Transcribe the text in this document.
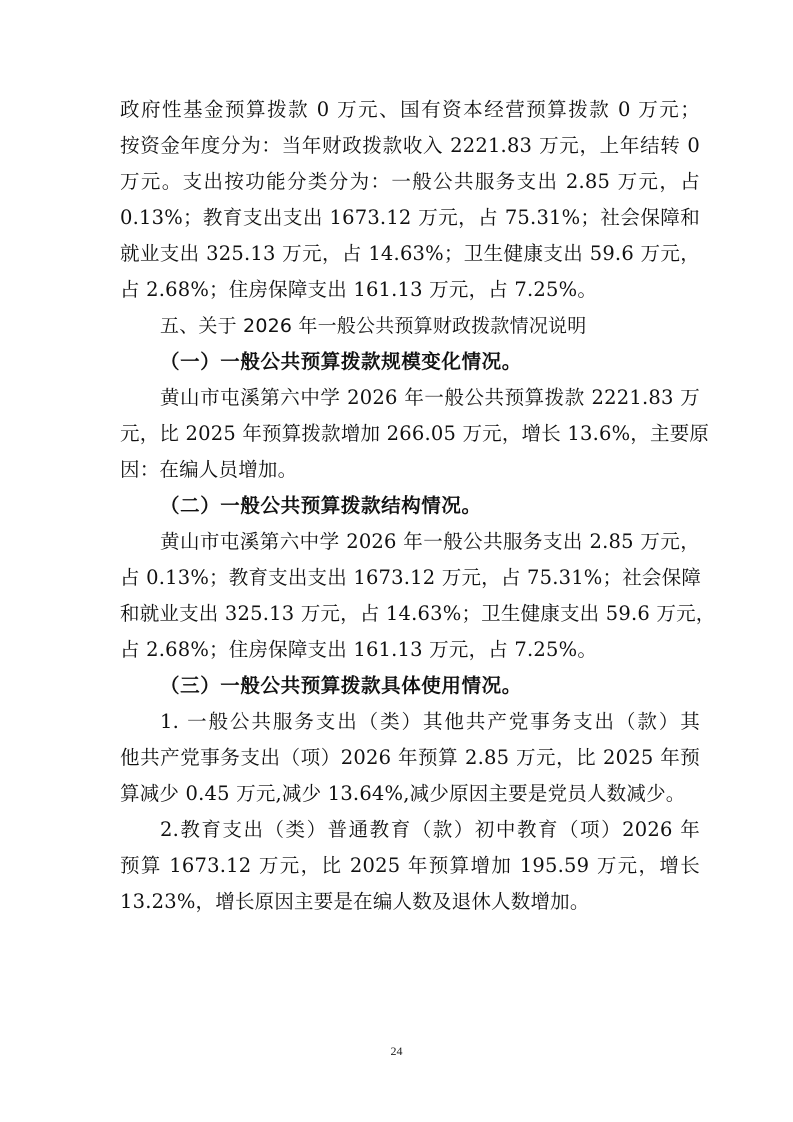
政府性基金预算拨款 0 万元、国有资本经营预算拨款 0 万元；
按资金年度分为：当年财政拨款收入 2221.83 万元，上年结转 0
万元。支出按功能分类分为：一般公共服务支出 2.85 万元，占
0.13%；教育支出支出 1673.12 万元，占 75.31%；社会保障和
就业支出 325.13 万元，占 14.63%；卫生健康支出 59.6 万元，
占 2.68%；住房保障支出 161.13 万元，占 7.25%。
五、关于 2026 年一般公共预算财政拨款情况说明
（一）一般公共预算拨款规模变化情况。
黄山市屯溪第六中学 2026 年一般公共预算拨款 2221.83 万
元，比 2025 年预算拨款增加 266.05 万元，增长 13.6%，主要原
因：在编人员增加。
（二）一般公共预算拨款结构情况。
黄山市屯溪第六中学 2026 年一般公共服务支出 2.85 万元，
占 0.13%；教育支出支出 1673.12 万元，占 75.31%；社会保障
和就业支出 325.13 万元，占 14.63%；卫生健康支出 59.6 万元，
占 2.68%；住房保障支出 161.13 万元，占 7.25%。
（三）一般公共预算拨款具体使用情况。
1. 一般公共服务支出（类）其他共产党事务支出（款）其
他共产党事务支出（项）2026 年预算 2.85 万元，比 2025 年预
算减少 0.45 万元,减少 13.64%,减少原因主要是党员人数减少。
2.教育支出（类）普通教育（款）初中教育（项）2026 年
预算 1673.12 万元，比 2025 年预算增加 195.59 万元，增长
13.23%，增长原因主要是在编人数及退休人数增加。
24
